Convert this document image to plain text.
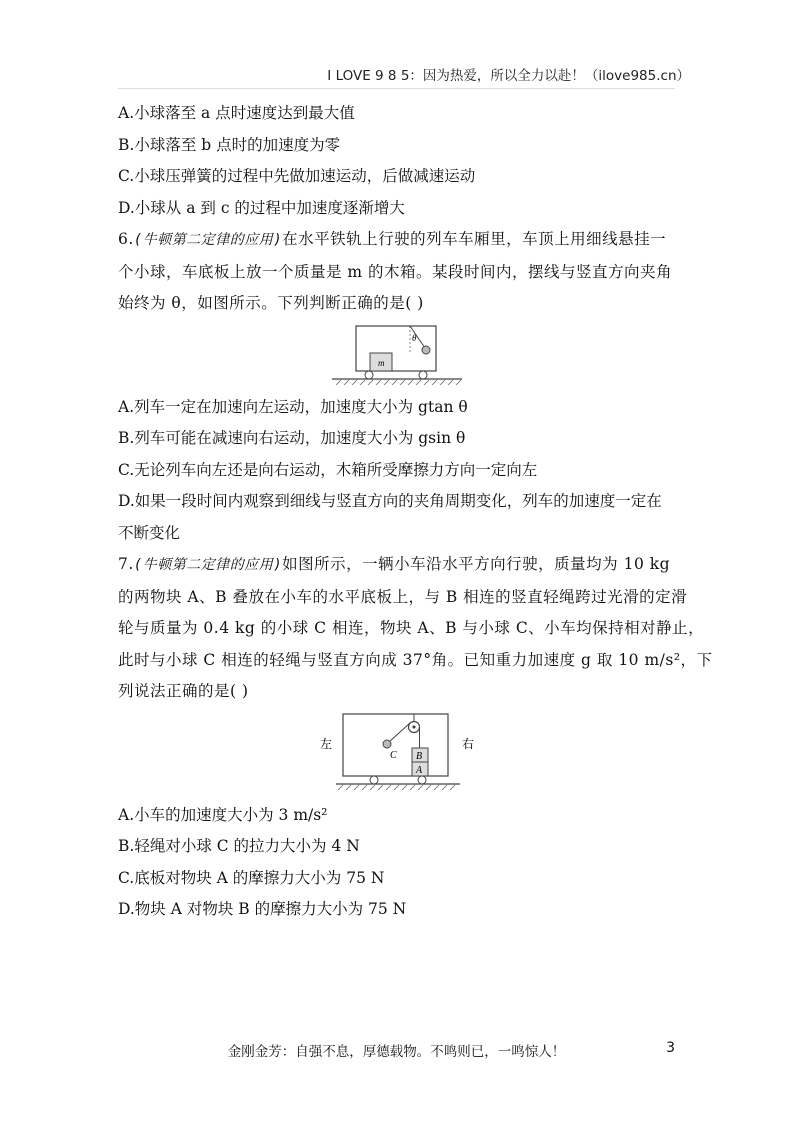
I LOVE 9 8 5：因为热爱，所以全力以赴！（ilove985.cn）
A.小球落至 a 点时速度达到最大值
B.小球落至 b 点时的加速度为零
C.小球压弹簧的过程中先做加速运动，后做减速运动
D.小球从 a 到 c 的过程中加速度逐渐增大
6.(牛顿第二定律的应用)在水平铁轨上行驶的列车车厢里，车顶上用细线悬挂一
个小球，车底板上放一个质量是 m 的木箱。某段时间内，摆线与竖直方向夹角
始终为 θ，如图所示。下列判断正确的是( )
θ
m
A.列车一定在加速向左运动，加速度大小为 gtan θ
B.列车可能在减速向右运动，加速度大小为 gsin θ
C.无论列车向左还是向右运动，木箱所受摩擦力方向一定向左
D.如果一段时间内观察到细线与竖直方向的夹角周期变化，列车的加速度一定在
不断变化
7.(牛顿第二定律的应用)如图所示，一辆小车沿水平方向行驶，质量均为 10 kg
的两物块 A、B 叠放在小车的水平底板上，与 B 相连的竖直轻绳跨过光滑的定滑
轮与质量为 0.4 kg 的小球 C 相连，物块 A、B 与小球 C、小车均保持相对静止，
此时与小球 C 相连的轻绳与竖直方向成 37°角。已知重力加速度 g 取 10 m/s²，下
列说法正确的是( )
左	右
C B
A
A.小车的加速度大小为 3 m/s²
B.轻绳对小球 C 的拉力大小为 4 N
C.底板对物块 A 的摩擦力大小为 75 N
D.物块 A 对物块 B 的摩擦力大小为 75 N
金刚金芳：自强不息，厚德载物。不鸣则已，一鸣惊人！	3
